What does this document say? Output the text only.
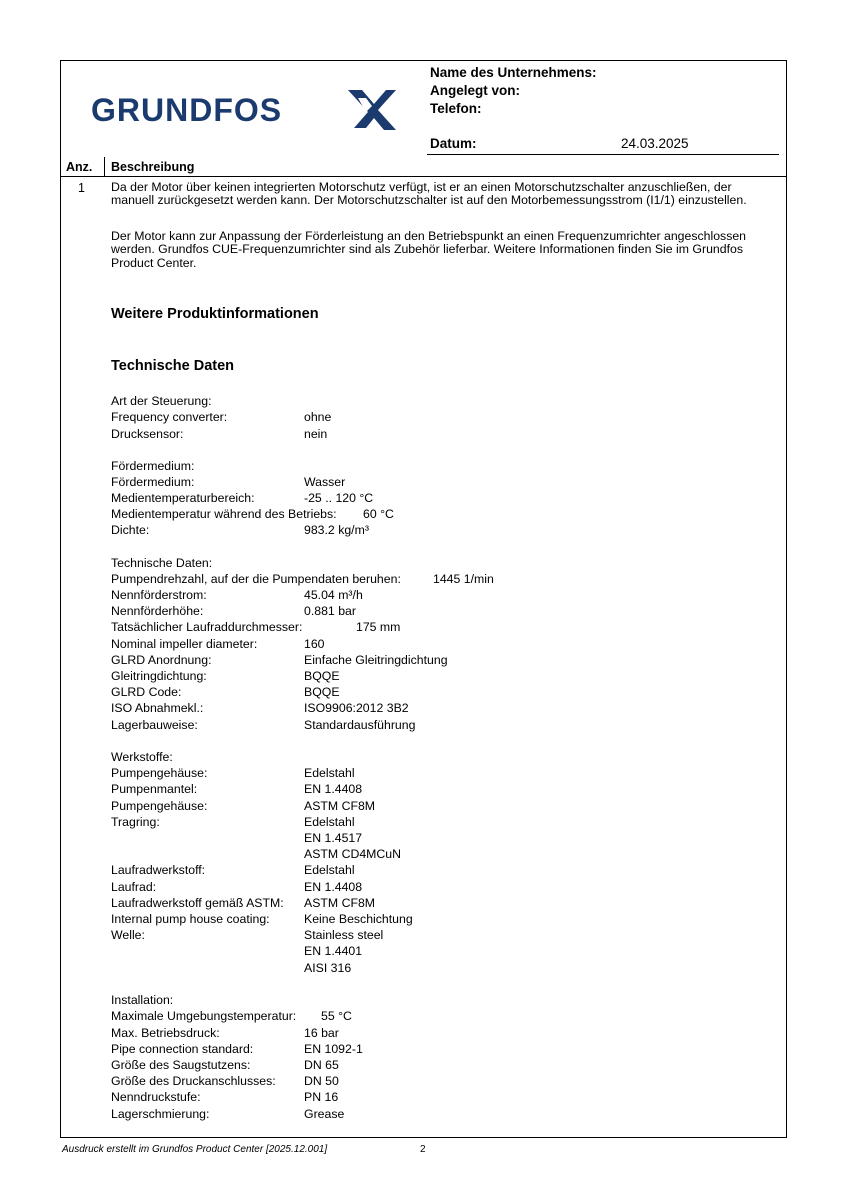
GRUNDFOS
Name des Unternehmens:
Angelegt von:
Telefon:
Datum:	24.03.2025
Anz. Beschreibung
1 Da der Motor über keinen integrierten Motorschutz verfügt, ist er an einen Motorschutzschalter anzuschließen, der
manuell zurückgesetzt werden kann. Der Motorschutzschalter ist auf den Motorbemessungsstrom (I1/1) einzustellen.
Der Motor kann zur Anpassung der Förderleistung an den Betriebspunkt an einen Frequenzumrichter angeschlossen
werden. Grundfos CUE-Frequenzumrichter sind als Zubehör lieferbar. Weitere Informationen finden Sie im Grundfos
Product Center.
Weitere Produktinformationen
Technische Daten
Art der Steuerung:
Frequency converter:	ohne
Drucksensor:	nein
Fördermedium:
Fördermedium:	Wasser
Medientemperaturbereich:	-25 .. 120 °C
Medientemperatur während des Betriebs: 60 °C
Dichte:	983.2 kg/m³
Technische Daten:
Pumpendrehzahl, auf der die Pumpendaten beruhen:	1445 1/min
Nennförderstrom:	45.04 m³/h
Nennförderhöhe:	0.881 bar
Tatsächlicher Laufraddurchmesser:	175 mm
Nominal impeller diameter:	160
GLRD Anordnung:	Einfache Gleitringdichtung
Gleitringdichtung:	BQQE
GLRD Code:	BQQE
ISO Abnahmekl.:	ISO9906:2012 3B2
Lagerbauweise:	Standardausführung
Werkstoffe:
Pumpengehäuse:	Edelstahl
Pumpenmantel:	EN 1.4408
Pumpengehäuse:	ASTM CF8M
Tragring:	Edelstahl
EN 1.4517
ASTM CD4MCuN
Laufradwerkstoff:	Edelstahl
Laufrad:	EN 1.4408
Laufradwerkstoff gemäß ASTM: ASTM CF8M
Internal pump house coating:	Keine Beschichtung
Welle:	Stainless steel
EN 1.4401
AISI 316
Installation:
Maximale Umgebungstemperatur: 55 °C
Max. Betriebsdruck:	16 bar
Pipe connection standard:	EN 1092-1
Größe des Saugstutzens:	DN 65
Größe des Druckanschlusses: DN 50
Nenndruckstufe:	PN 16
Lagerschmierung:	Grease
Ausdruck erstellt im Grundfos Product Center [2025.12.001]	2
